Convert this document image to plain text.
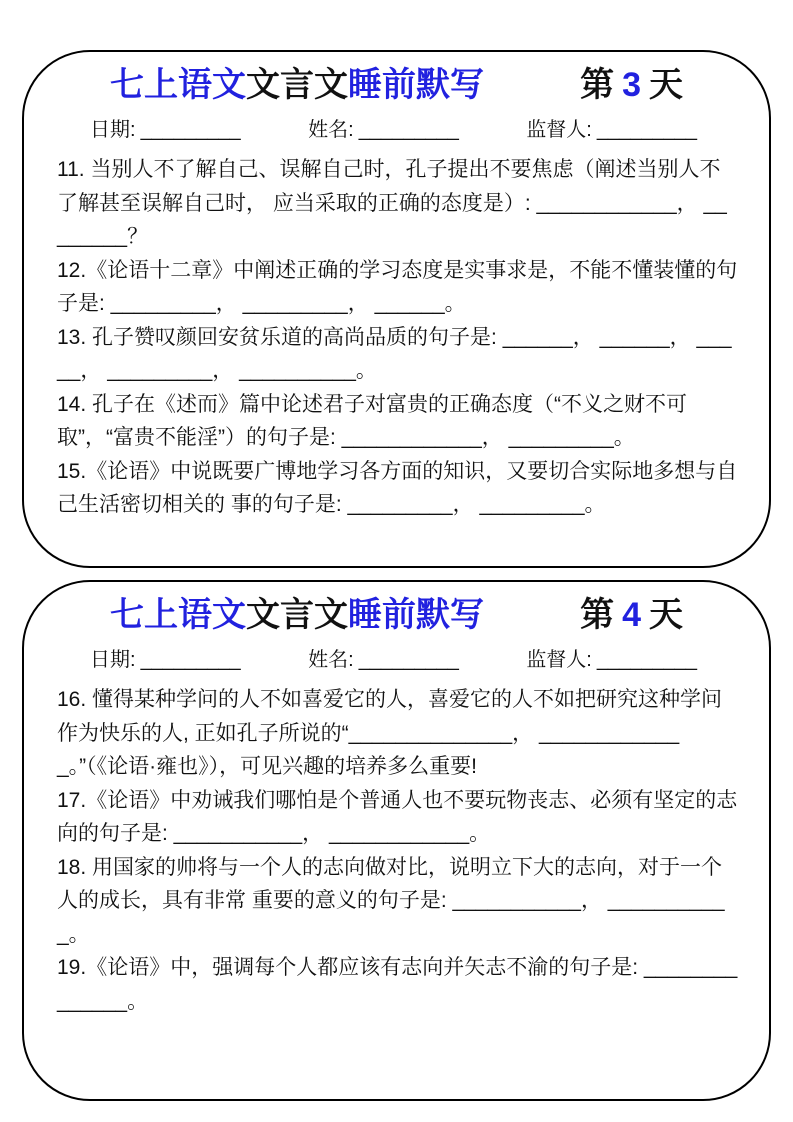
七上语文文言文睡前默写	第 3 天
日期: _________	姓名: _________	监督人: _________

11. 当别人不了解自己、误解自己时，孔子提出不要焦虑（阐述当别人不了解甚至误解自己时， 应当采取的正确的态度是）: ____________， ________？

12.《论语十二章》中阐述正确的学习态度是实事求是，不能不懂装懂的句子是: _________， _________， ______。

13. 孔子赞叹颜回安贫乐道的高尚品质的句子是: ______， ______， _____， _________， __________。

14. 孔子在《述而》篇中论述君子对富贵的正确态度（“不义之财不可取”，“富贵不能淫”）的句子是: ____________， _________。

15.《论语》中说既要广博地学习各方面的知识，又要切合实际地多想与自己生活密切相关的 事的句子是: _________， _________。

七上语文文言文睡前默写	第 4 天
日期: _________	姓名: _________	监督人: _________

16. 懂得某种学问的人不如喜爱它的人，喜爱它的人不如把研究这种学问作为快乐的人, 正如孔子所说的“______________， _____________。”（《论语·雍也》），可见兴趣的培养多么重要!

17.《论语》中劝诫我们哪怕是个普通人也不要玩物丧志、必须有坚定的志向的句子是: ___________， ____________。

18. 用国家的帅将与一个人的志向做对比，说明立下大的志向，对于一个人的成长，具有非常 重要的意义的句子是: ___________， ___________。

19.《论语》中，强调每个人都应该有志向并矢志不渝的句子是: ______________。
